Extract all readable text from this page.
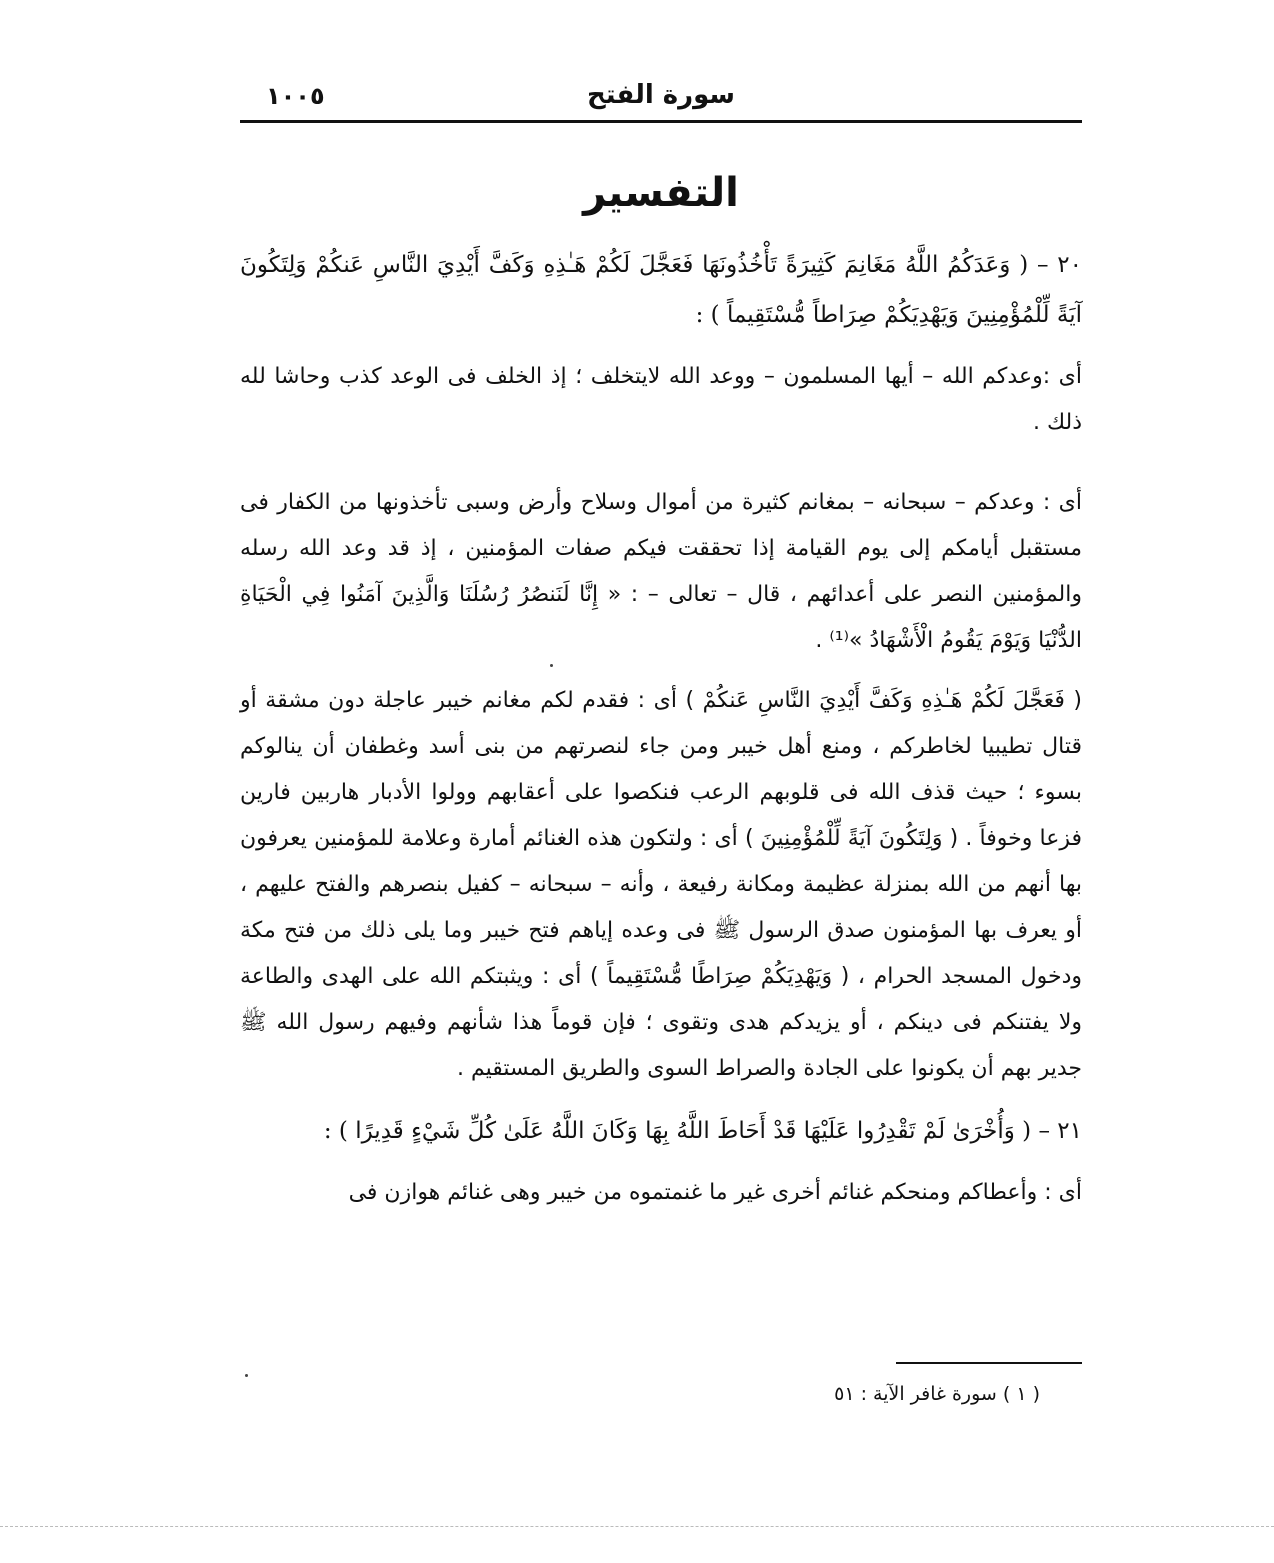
سورة الفتح
١٠٠٥
التفسير

٢٠ – ( وَعَدَكُمُ اللَّهُ مَغَانِمَ كَثِيرَةً تَأْخُذُونَهَا فَعَجَّلَ لَكُمْ هَـٰذِهِ وَكَفَّ أَيْدِيَ النَّاسِ عَنكُمْ وَلِتَكُونَ آيَةً لِّلْمُؤْمِنِينَ وَيَهْدِيَكُمْ صِرَاطاً مُّسْتَقِيماً ) :

أى :وعدكم الله – أيها المسلمون – ووعد الله لايتخلف ؛ إذ الخلف فى الوعد كذب وحاشا لله ذلك .

أى : وعدكم – سبحانه – بمغانم كثيرة من أموال وسلاح وأرض وسبى تأخذونها من الكفار فى مستقبل أيامكم إلى يوم القيامة إذا تحققت فيكم صفات المؤمنين ، إذ قد وعد الله رسله والمؤمنين النصر على أعدائهم ، قال – تعالى – : « إِنَّا لَنَنصُرُ رُسُلَنَا وَالَّذِينَ آمَنُوا فِي الْحَيَاةِ الدُّنْيَا وَيَوْمَ يَقُومُ الْأَشْهَادُ »⁽¹⁾ .

( فَعَجَّلَ لَكُمْ هَـٰذِهِ وَكَفَّ أَيْدِيَ النَّاسِ عَنكُمْ ) أى : فقدم لكم مغانم خيبر عاجلة دون مشقة أو قتال تطيبيا لخاطركم ، ومنع أهل خيبر ومن جاء لنصرتهم من بنى أسد وغطفان أن ينالوكم بسوء ؛ حيث قذف الله فى قلوبهم الرعب فنكصوا على أعقابهم وولوا الأدبار هاربين فارين فزعا وخوفاً . ( وَلِتَكُونَ آيَةً لِّلْمُؤْمِنِينَ ) أى : ولتكون هذه الغنائم أمارة وعلامة للمؤمنين يعرفون بها أنهم من الله بمنزلة عظيمة ومكانة رفيعة ، وأنه – سبحانه – كفيل بنصرهم والفتح عليهم ، أو يعرف بها المؤمنون صدق الرسول ﷺ فى وعده إياهم فتح خيبر وما يلى ذلك من فتح مكة ودخول المسجد الحرام ، ( وَيَهْدِيَكُمْ صِرَاطًا مُّسْتَقِيماً ) أى : ويثبتكم الله على الهدى والطاعة ولا يفتنكم فى دينكم ، أو يزيدكم هدى وتقوى ؛ فإن قوماً هذا شأنهم وفيهم رسول الله ﷺ جدير بهم أن يكونوا على الجادة والصراط السوى والطريق المستقيم .

٢١ – ( وَأُخْرَىٰ لَمْ تَقْدِرُوا عَلَيْهَا قَدْ أَحَاطَ اللَّهُ بِهَا وَكَانَ اللَّهُ عَلَىٰ كُلِّ شَيْءٍ قَدِيرًا ) :

أى : وأعطاكم ومنحكم غنائم أخرى غير ما غنمتموه من خيبر وهى غنائم هوازن فى

( ١ ) سورة غافر الآية : ٥١
